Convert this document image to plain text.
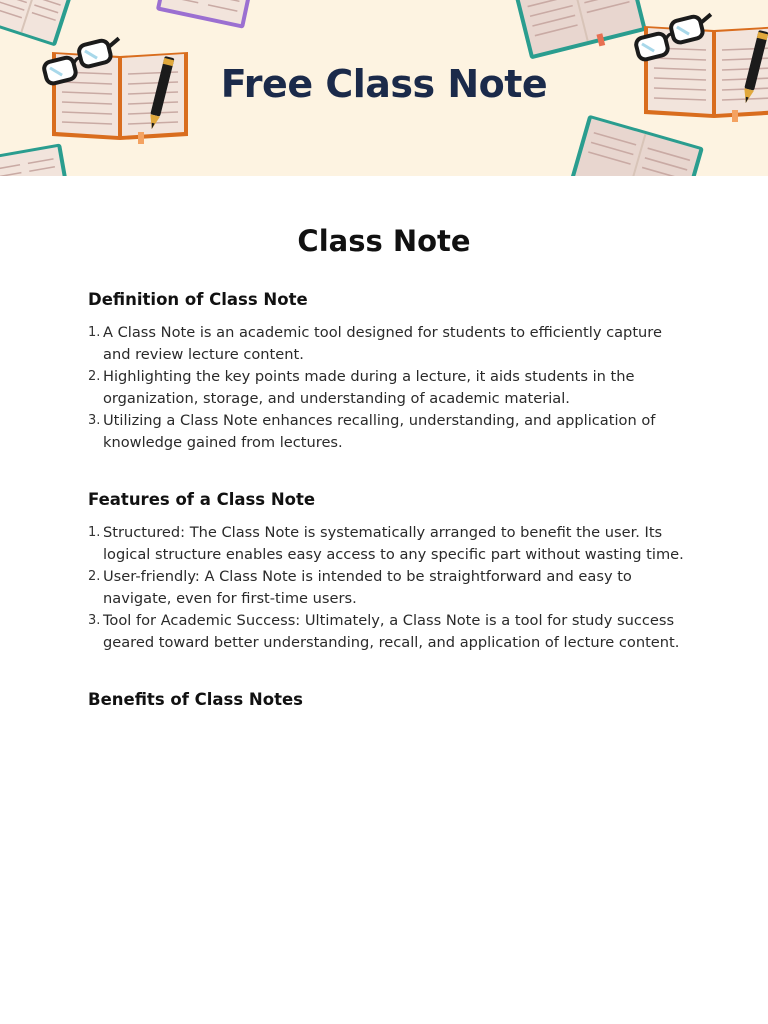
Free Class Note
Class Note
Definition of Class Note
1. A Class Note is an academic tool designed for students to efficiently capture and review lecture content.
2. Highlighting the key points made during a lecture, it aids students in the organization, storage, and understanding of academic material.
3. Utilizing a Class Note enhances recalling, understanding, and application of knowledge gained from lectures.
Features of a Class Note
1. Structured: The Class Note is systematically arranged to benefit the user. Its logical structure enables easy access to any specific part without wasting time.
2. User-friendly: A Class Note is intended to be straightforward and easy to navigate, even for first-time users.
3. Tool for Academic Success: Ultimately, a Class Note is a tool for study success geared toward better understanding, recall, and application of lecture content.
Benefits of Class Notes
